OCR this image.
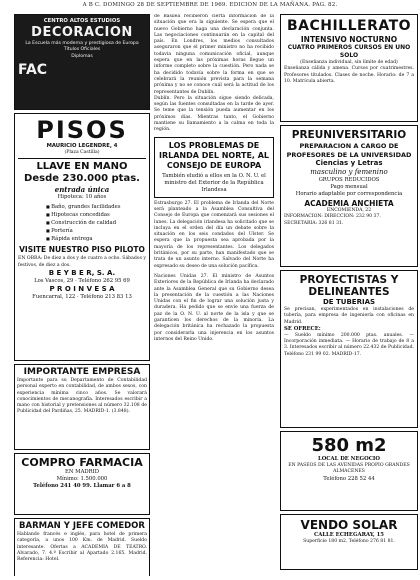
A B C. DOMINGO 28 DE SEPTIEMBRE DE 1969. EDICION DE LA MAÑANA. PAG. 82.
CENTRO ALTOS ESTUDIOS
DECORACION

La Escuela más moderna y prestigiosa de Europa

Títulos Oficiales

Diplomas

FAC
PISOS
MAURICIO LEGENDRE, 4
(Plaza Castilla)
LLAVE EN MANO
Desde 230.000 ptas.
entrada única
Hipoteca: 10 años
■ Baño, grandes facilidades
■ Hipotecas concedidas
■ Construcción de calidad
■ Portería
■ Rápida entrega
VISITE NUESTRO PISO PILOTO

EN OBRA: De diez a dos y de cuatro a ocho. Sábados y festivos, de diez a dos.

B E Y B E R, S. A.
Los Vascos, 29 · Teléfono 262 95 69
P R O I N V E S A
Fuencarral, 122 · Teléfono 213 83 13
IMPORTANTE EMPRESA

Importante para su Departamento de Contabilidad personal experto en contabilidad, de ambos sexos, con experiencia mínima cinco años. Se valorará conocimientos de mecanografía. Interesados escribir a mano con historial y pretensiones al número 32.108 de Publicidad del Pardiñas, 25. MADRID-1. (3.848).

COMPRO FARMACIA
EN MADRID
Mínimo: 1.500.000
Teléfono 241 40 99. Llamar 6 a 8
BARMAN Y JEFE COMEDOR

Hablando francés e inglés, para hotel de primera categoría, a unos 100 Km. de Madrid. Sueldo interesante. Ofertas a ACADEMIA DE TEATRO. Alvarado, 7. 4.º Escribir al Apartado 2.165. Madrid. Referencia: Hotel.

de Basilea recibieron cierta información de la situación que era la siguiente. Se espera que el nuevo Gobierno haga una declaración conjunta. Las negociaciones continuarán en la capital del país. En Londres, los medios consultados aseguraron que el primer ministro no ha recibido todavía ninguna comunicación oficial, aunque espera que en las próximas horas llegue un informe completo sobre la cuestión. Pero nada se ha decidido todavía sobre la forma en que se celebrará la reunión prevista para la semana próxima y no se conoce cuál será la actitud de los representantes de Dublín.

Dublín. Pero la situación sigue siendo delicada, según las fuentes consultadas en la tarde de ayer. Se teme que la tensión pueda aumentar en los próximos días. Mientras tanto, el Gobierno mantiene su llamamiento a la calma en toda la región.

LOS PROBLEMAS DE IRLANDA DEL NORTE, AL CONSEJO DE EUROPA
También eludió a ellos en la O. N. U. el ministro del Exterior de la República Irlandesa

Estrasburgo 27. El problema de Irlanda del Norte será planteado a la Asamblea Consultiva del Consejo de Europa que comenzará sus sesiones el lunes. La delegación irlandesa ha solicitado que se incluya en el orden del día un debate sobre la situación en los seis condados del Ulster. Se espera que la propuesta sea aprobada por la mayoría de los representantes. Los delegados británicos, por su parte, han manifestado que se trata de un asunto interno. Salvado del Norte ha expresado su deseo de una solución pacífica.

Naciones Unidas 27. El ministro de Asuntos Exteriores de la República de Irlanda ha declarado ante la Asamblea General que su Gobierno desea la presentación de la cuestión a las Naciones Unidas con el fin de lograr una solución justa y duradera. Ha pedido que se envíe una fuerza de paz de la O. N. U. al norte de la isla y que se garanticen los derechos de la minoría. La delegación británica ha rechazado la propuesta por considerarla una injerencia en los asuntos internos del Reino Unido.

BACHILLERATO
INTENSIVO NOCTURNO
CUATRO PRIMEROS CURSOS EN UNO SOLO

(Enseñanza individual, sin límite de edad)

Enseñanza cálida y amena. Cursos por cuatrimestres. Profesores titulados. Clases de noche. Horario: de 7 a 10. Matrícula abierta.

PREUNIVERSITARIO
PREPARACION A CARGO DE PROFESORES DE LA UNIVERSIDAD
Ciencias y Letras
masculino y femenino
GRUPOS REDUCIDOS
Pago mensual
Horario adaptable por correspondencia
ACADEMIA ANCHIETA
ENCOMIENDA, 22

INFORMACION: DIRECCION: 232 90 37. SECRETARIA: 326 81 31.

PROYECTISTAS Y DELINEANTES
DE TUBERIAS

Se precisan, experimentados en instalaciones de tubería, para empresa de ingeniería con oficinas en Madrid.

SE OFRECE:

— Sueldo mínimo 200.000 ptas. anuales. — Incorporación inmediata. — Horario de trabajo de 8 a 3. Interesados escribir al número 22.432 de Publicidad. Teléfono 231 99 02. MADRID-17.

580 m2
LOCAL DE NEGOCIO
EN PASEOS DE LAS AVENIDAS PROPIO GRANDES ALMACENES
Teléfono 228 52 44
VENDO SOLAR
CALLE ECHEGARAY, 15
Superficie 180 m2. Teléfono 276 81 81.
